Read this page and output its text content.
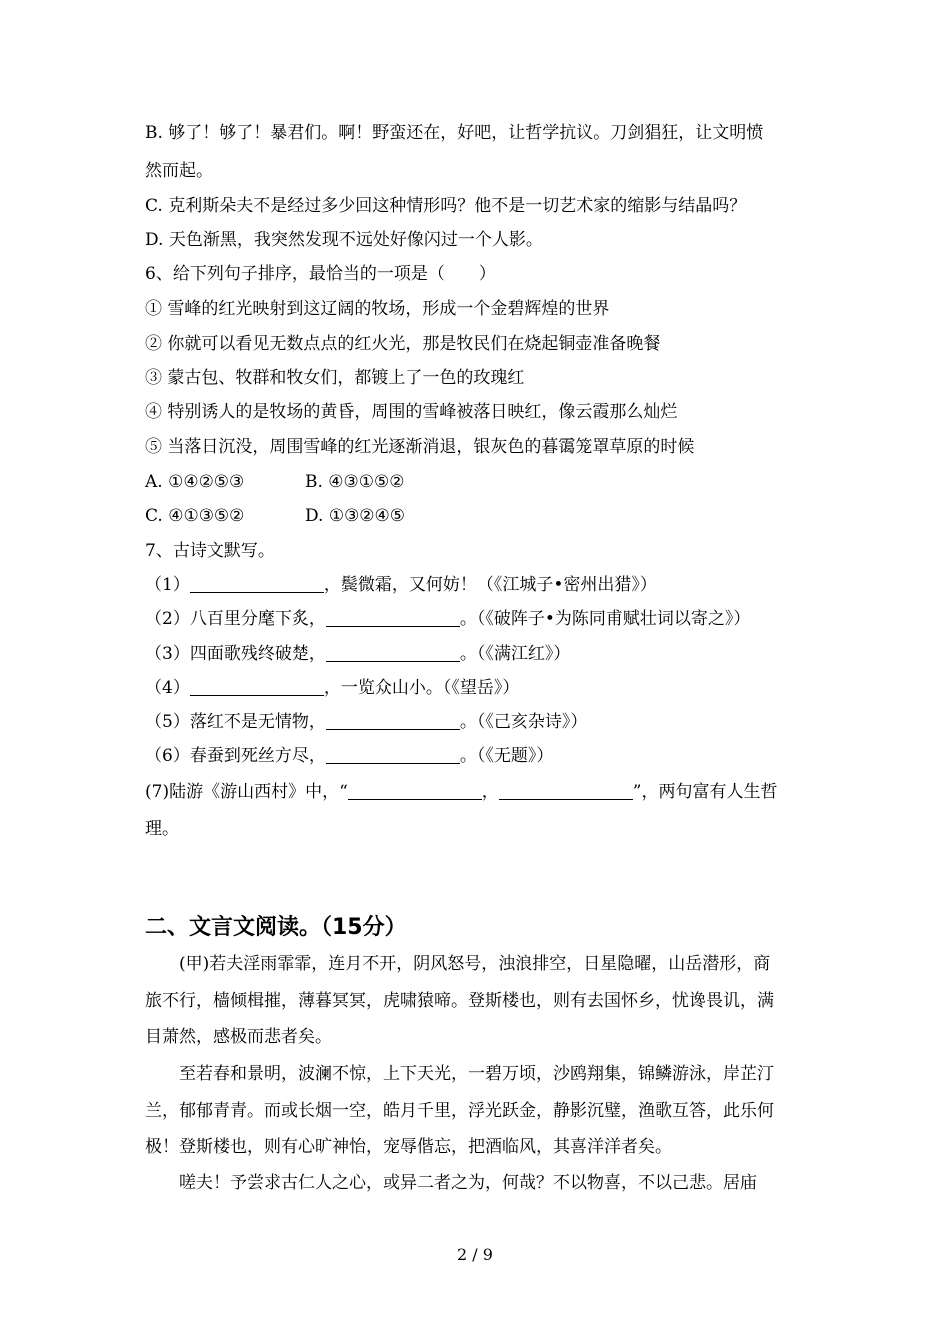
B. 够了！够了！暴君们。啊！野蛮还在，好吧，让哲学抗议。刀剑猖狂，让文明愤
然而起。
C. 克利斯朵夫不是经过多少回这种情形吗？他不是一切艺术家的缩影与结晶吗？
D. 天色渐黑，我突然发现不远处好像闪过一个人影。
6、给下列句子排序，最恰当的一项是（　　）
① 雪峰的红光映射到这辽阔的牧场，形成一个金碧辉煌的世界
② 你就可以看见无数点点的红火光，那是牧民们在烧起铜壶准备晚餐
③ 蒙古包、牧群和牧女们，都镀上了一色的玫瑰红
④ 特别诱人的是牧场的黄昏，周围的雪峰被落日映红，像云霞那么灿烂
⑤ 当落日沉没，周围雪峰的红光逐渐消退，银灰色的暮霭笼罩草原的时候
A. ①④②⑤③	B. ④③①⑤②
C. ④①③⑤②	D. ①③②④⑤
7、古诗文默写。
（1）	，鬓微霜，又何妨！（《江城子•密州出猎》）
（2）八百里分麾下炙，	。（《破阵子•为陈同甫赋壮词以寄之》）
（3）四面歌残终破楚，	。（《满江红》）
（4）	，一览众山小。（《望岳》）
（5）落红不是无情物，	。（《己亥杂诗》）
（6）春蚕到死丝方尽，	。（《无题》）
(7)陆游《游山西村》中，“	，	”，两句富有人生哲
理。
二、文言文阅读。（15分）
(甲)若夫淫雨霏霏，连月不开，阴风怒号，浊浪排空，日星隐曜，山岳潜形，商
旅不行，樯倾楫摧，薄暮冥冥，虎啸猿啼。登斯楼也，则有去国怀乡，忧谗畏讥，满
目萧然，感极而悲者矣。
至若春和景明，波澜不惊，上下天光，一碧万顷，沙鸥翔集，锦鳞游泳，岸芷汀
兰，郁郁青青。而或长烟一空，皓月千里，浮光跃金，静影沉璧，渔歌互答，此乐何
极！登斯楼也，则有心旷神怡，宠辱偕忘，把酒临风，其喜洋洋者矣。
嗟夫！予尝求古仁人之心，或异二者之为，何哉？不以物喜，不以己悲。居庙
2 / 9
